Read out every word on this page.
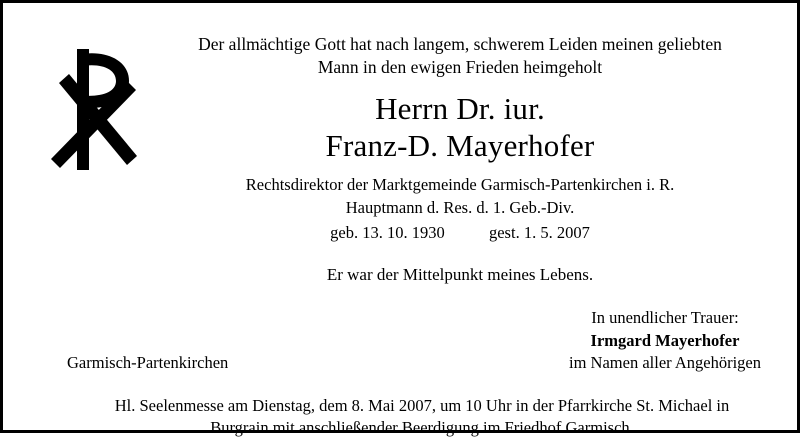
Der allmächtige Gott hat nach langem, schwerem Leiden meinen geliebten
Mann in den ewigen Frieden heimgeholt
Herrn Dr. iur.
Franz-D. Mayerhofer
Rechtsdirektor der Marktgemeinde Garmisch-Partenkirchen i. R.
Hauptmann d. Res. d. 1. Geb.-Div.
geb. 13. 10. 1930	gest. 1. 5. 2007
Er war der Mittelpunkt meines Lebens.
Garmisch-Partenkirchen
In unendlicher Trauer:
Irmgard Mayerhofer
im Namen aller Angehörigen
Hl. Seelenmesse am Dienstag, dem 8. Mai 2007, um 10 Uhr in der Pfarrkirche St. Michael in
Burgrain mit anschließender Beerdigung im Friedhof Garmisch.
